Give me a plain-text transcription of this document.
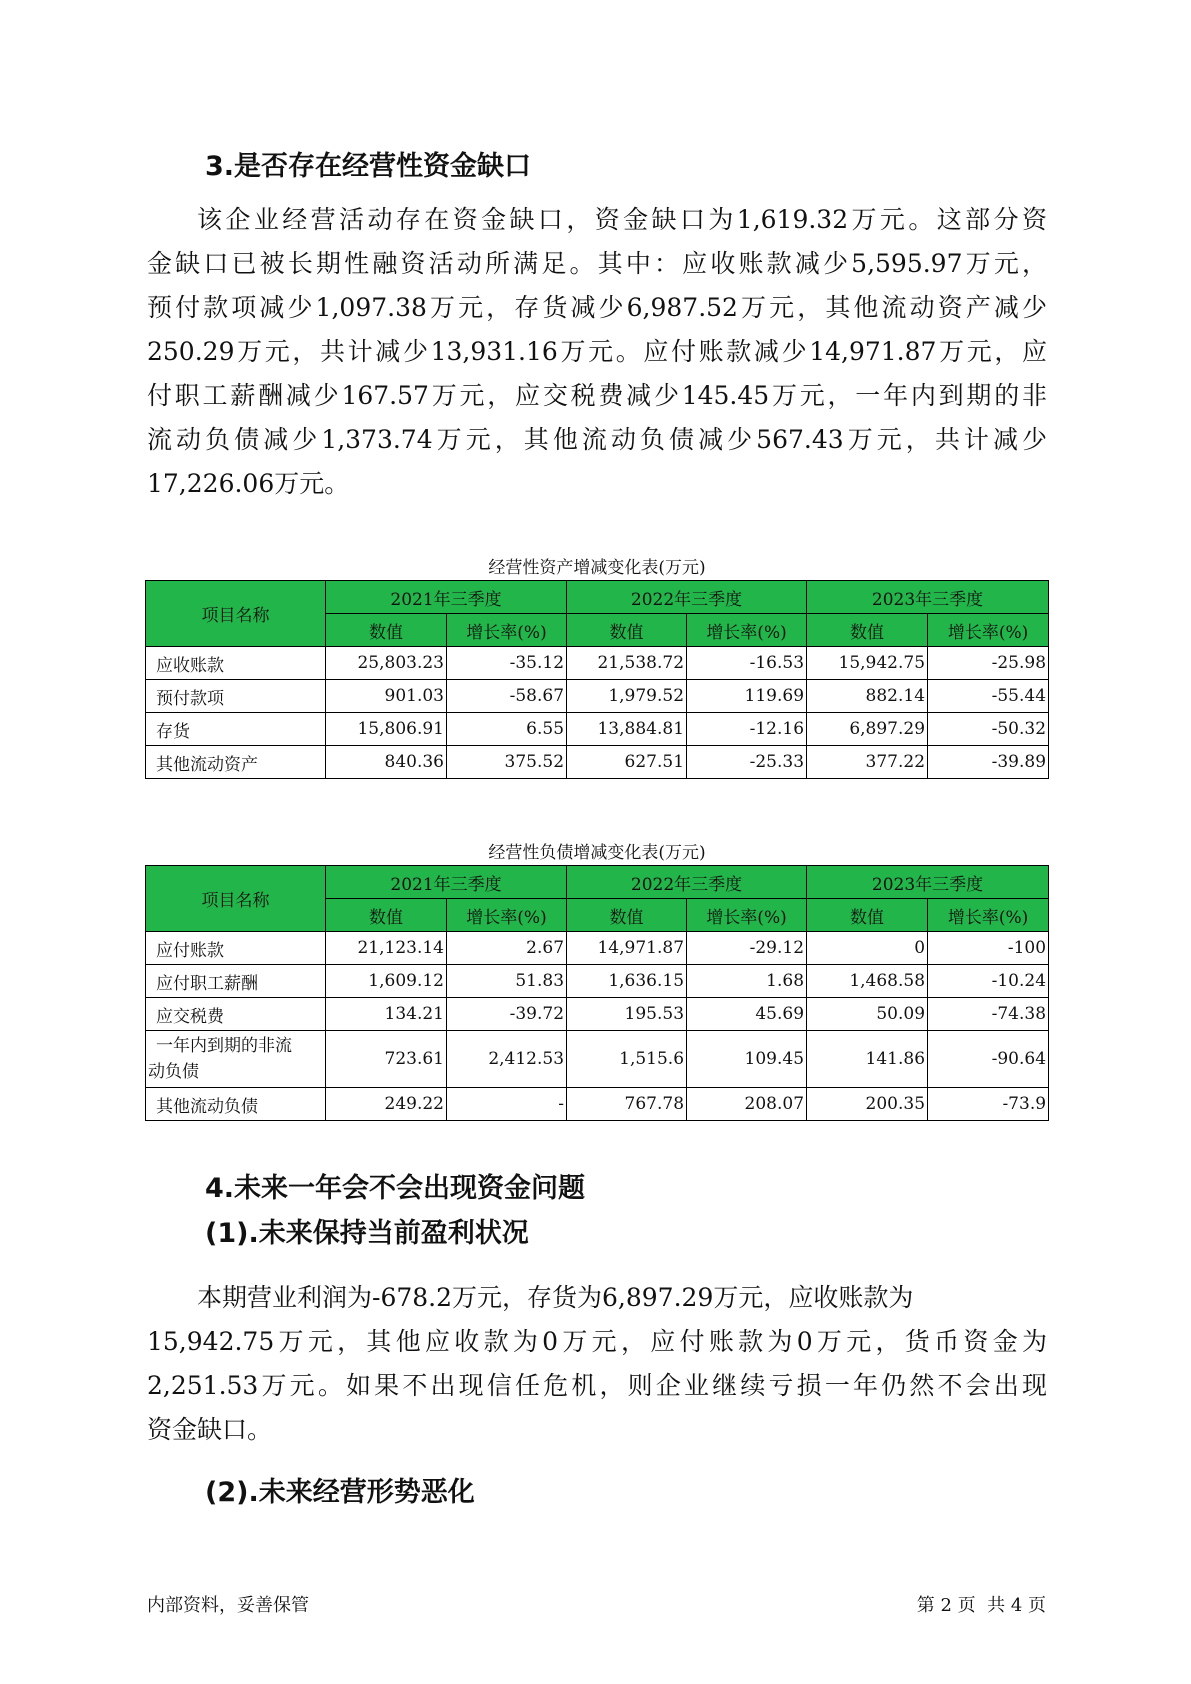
3.是否存在经营性资金缺口
该企业经营活动存在资金缺口，资金缺口为1,619.32万元。这部分资
金缺口已被长期性融资活动所满足。其中：应收账款减少5,595.97万元，
预付款项减少1,097.38万元，存货减少6,987.52万元，其他流动资产减少
250.29万元，共计减少13,931.16万元。应付账款减少14,971.87万元，应
付职工薪酬减少167.57万元，应交税费减少145.45万元，一年内到期的非
流动负债减少1,373.74万元，其他流动负债减少567.43万元，共计减少
17,226.06万元。

经营性资产增减变化表(万元)

项目名称	2021年三季度		2022年三季度		2023年三季度	
	数值	增长率(%)	数值	增长率(%)	数值	增长率(%)
应收账款	25,803.23	-35.12	21,538.72	-16.53	15,942.75	-25.98
预付款项	901.03	-58.67	1,979.52	119.69	882.14	-55.44
存货	15,806.91	6.55	13,884.81	-12.16	6,897.29	-50.32
其他流动资产	840.36	375.52	627.51	-25.33	377.22	-39.89

经营性负债增减变化表(万元)

项目名称	2021年三季度		2022年三季度		2023年三季度	
	数值	增长率(%)	数值	增长率(%)	数值	增长率(%)
应付账款	21,123.14	2.67	14,971.87	-29.12	0	-100
应付职工薪酬	1,609.12	51.83	1,636.15	1.68	1,468.58	-10.24
应交税费	134.21	-39.72	195.53	45.69	50.09	-74.38

一年内到期的非流
动负债	723.61	2,412.53	1,515.6	109.45	141.86	-90.64
其他流动负债	249.22	-	767.78	208.07	200.35	-73.9
4.未来一年会不会出现资金问题
(1).未来保持当前盈利状况
本期营业利润为-678.2万元，存货为6,897.29万元，应收账款为
15,942.75万元，其他应收款为0万元，应付账款为0万元，货币资金为
2,251.53万元。如果不出现信任危机，则企业继续亏损一年仍然不会出现
资金缺口。
(2).未来经营形势恶化

内部资料，妥善保管	第 2 页  共 4 页
